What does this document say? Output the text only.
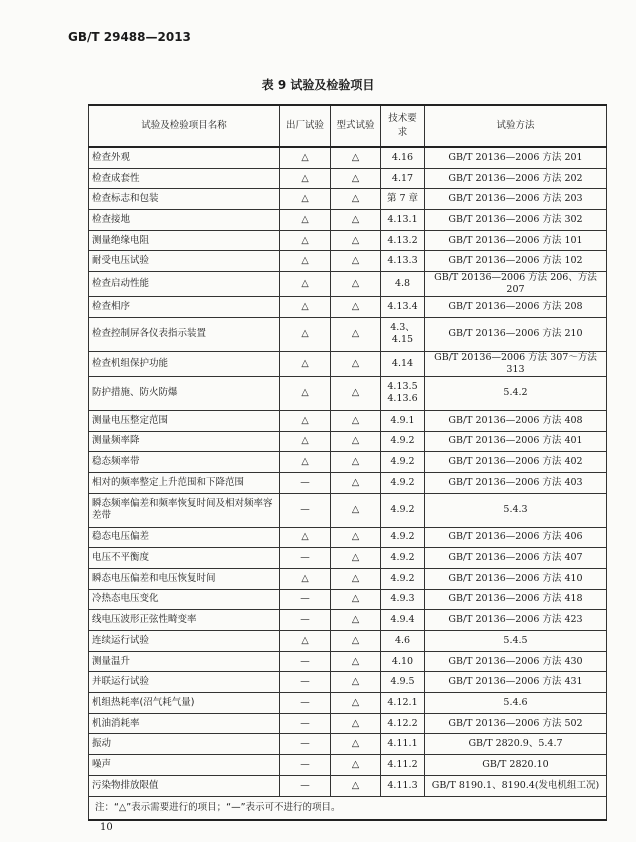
GB/T 29488—2013
表 9 试验及检验项目
试验及检验项目名称	出厂试验	型式试验	技术要求	试验方法
检查外观	△	△	4.16	GB/T 20136—2006 方法 201
检查成套性	△	△	4.17	GB/T 20136—2006 方法 202
检查标志和包装	△	△	第 7 章	GB/T 20136—2006 方法 203
检查接地	△	△	4.13.1	GB/T 20136—2006 方法 302
测量绝缘电阻	△	△	4.13.2	GB/T 20136—2006 方法 101
耐受电压试验	△	△	4.13.3	GB/T 20136—2006 方法 102
检查启动性能	△	△	4.8	GB/T 20136—2006 方法 206、方法 207
检查相序	△	△	4.13.4	GB/T 20136—2006 方法 208
检查控制屏各仪表指示装置	△	△	4.3、4.15	GB/T 20136—2006 方法 210
检查机组保护功能	△	△	4.14	GB/T 20136—2006 方法 307～方法 313
防护措施、防火防爆	△	△	4.13.5 4.13.6	5.4.2
测量电压整定范围	△	△	4.9.1	GB/T 20136—2006 方法 408
测量频率降	△	△	4.9.2	GB/T 20136—2006 方法 401
稳态频率带	△	△	4.9.2	GB/T 20136—2006 方法 402
相对的频率整定上升范围和下降范围	—	△	4.9.2	GB/T 20136—2006 方法 403
瞬态频率偏差和频率恢复时间及相对频率容差带	—	△	4.9.2	5.4.3
稳态电压偏差	△	△	4.9.2	GB/T 20136—2006 方法 406
电压不平衡度	—	△	4.9.2	GB/T 20136—2006 方法 407
瞬态电压偏差和电压恢复时间	△	△	4.9.2	GB/T 20136—2006 方法 410
冷热态电压变化	—	△	4.9.3	GB/T 20136—2006 方法 418
线电压波形正弦性畸变率	—	△	4.9.4	GB/T 20136—2006 方法 423
连续运行试验	△	△	4.6	5.4.5
测量温升	—	△	4.10	GB/T 20136—2006 方法 430
并联运行试验	—	△	4.9.5	GB/T 20136—2006 方法 431
机组热耗率(沼气耗气量)	—	△	4.12.1	5.4.6
机油消耗率	—	△	4.12.2	GB/T 20136—2006 方法 502
振动	—	△	4.11.1	GB/T 2820.9、5.4.7
噪声	—	△	4.11.2	GB/T 2820.10
污染物排放限值	—	△	4.11.3	GB/T 8190.1、8190.4(发电机组工况)
注：“△”表示需要进行的项目；“—”表示可不进行的项目。				
10
